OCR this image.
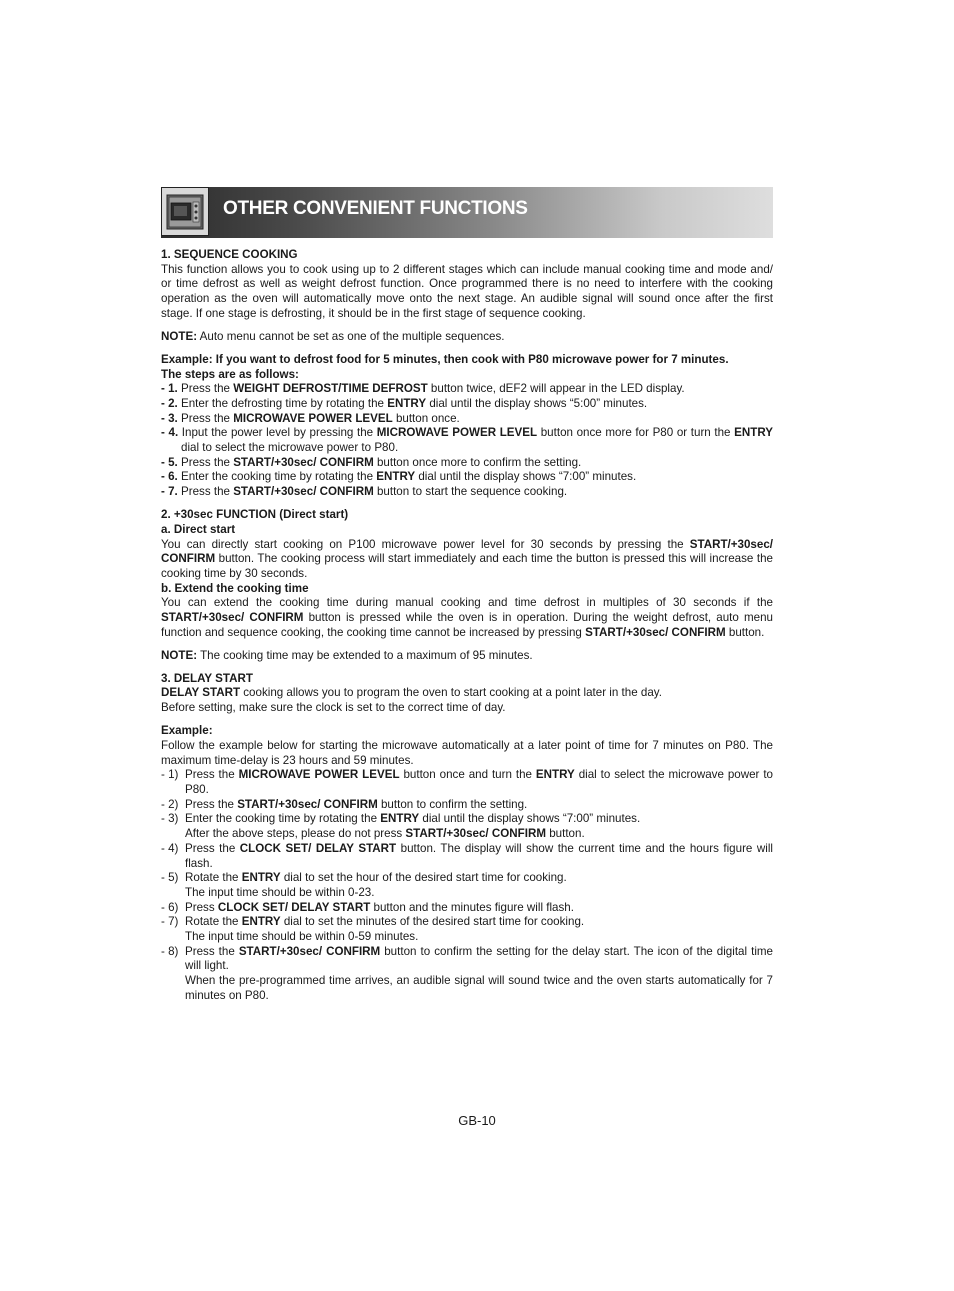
OTHER CONVENIENT FUNCTIONS

1. SEQUENCE COOKING

This function allows you to cook using up to 2 different stages which can include manual cooking time and mode and/ or time defrost as well as weight defrost function. Once programmed there is no need to interfere with the cooking operation as the oven will automatically move onto the next stage. An audible signal will sound once after the first stage. If one stage is defrosting, it should be in the first stage of sequence cooking.

NOTE: Auto menu cannot be set as one of the multiple sequences.

Example: If you want to defrost food for 5 minutes, then cook with P80 microwave power for 7 minutes.

The steps are as follows:

- 1. Press the WEIGHT DEFROST/TIME DEFROST button twice, dEF2 will appear in the LED display.

- 2. Enter the defrosting time by rotating the ENTRY dial until the display shows “5:00” minutes.

- 3. Press the MICROWAVE POWER LEVEL button once.

- 4. Input the power level by pressing the MICROWAVE POWER LEVEL button once more for P80 or turn the ENTRY dial to select the microwave power to P80.

- 5. Press the START/+30sec/ CONFIRM button once more to confirm the setting.

- 6. Enter the cooking time by rotating the ENTRY dial until the display shows “7:00” minutes.

- 7. Press the START/+30sec/ CONFIRM button to start the sequence cooking.

2. +30sec FUNCTION (Direct start)

a. Direct start

You can directly start cooking on P100 microwave power level for 30 seconds by pressing the START/+30sec/ CONFIRM button. The cooking process will start immediately and each time the button is pressed this will increase the cooking time by 30 seconds.

b. Extend the cooking time

You can extend the cooking time during manual cooking and time defrost in multiples of 30 seconds if the START/+30sec/ CONFIRM button is pressed while the oven is in operation. During the weight defrost, auto menu function and sequence cooking, the cooking time cannot be increased by pressing START/+30sec/ CONFIRM button.

NOTE: The cooking time may be extended to a maximum of 95 minutes.

3. DELAY START

DELAY START cooking allows you to program the oven to start cooking at a point later in the day.

Before setting, make sure the clock is set to the correct time of day.

Example:

Follow the example below for starting the microwave automatically at a later point of time for 7 minutes on P80. The maximum time-delay is 23 hours and 59 minutes.

- 1) Press the MICROWAVE POWER LEVEL button once and turn the ENTRY dial to select the microwave power to P80.
- 2) Press the START/+30sec/ CONFIRM button to confirm the setting.
- 3) Enter the cooking time by rotating the ENTRY dial until the display shows “7:00” minutes.
After the above steps, please do not press START/+30sec/ CONFIRM button.
- 4) Press the CLOCK SET/ DELAY START button. The display will show the current time and the hours figure will flash.
- 5) Rotate the ENTRY dial to set the hour of the desired start time for cooking.
The input time should be within 0-23.
- 6) Press CLOCK SET/ DELAY START button and the minutes figure will flash.
- 7) Rotate the ENTRY dial to set the minutes of the desired start time for cooking.
The input time should be within 0-59 minutes.
- 8) Press the START/+30sec/ CONFIRM button to confirm the setting for the delay start. The icon of the digital time will light.
When the pre-programmed time arrives, an audible signal will sound twice and the oven starts automatically for 7 minutes on P80.
GB-10
